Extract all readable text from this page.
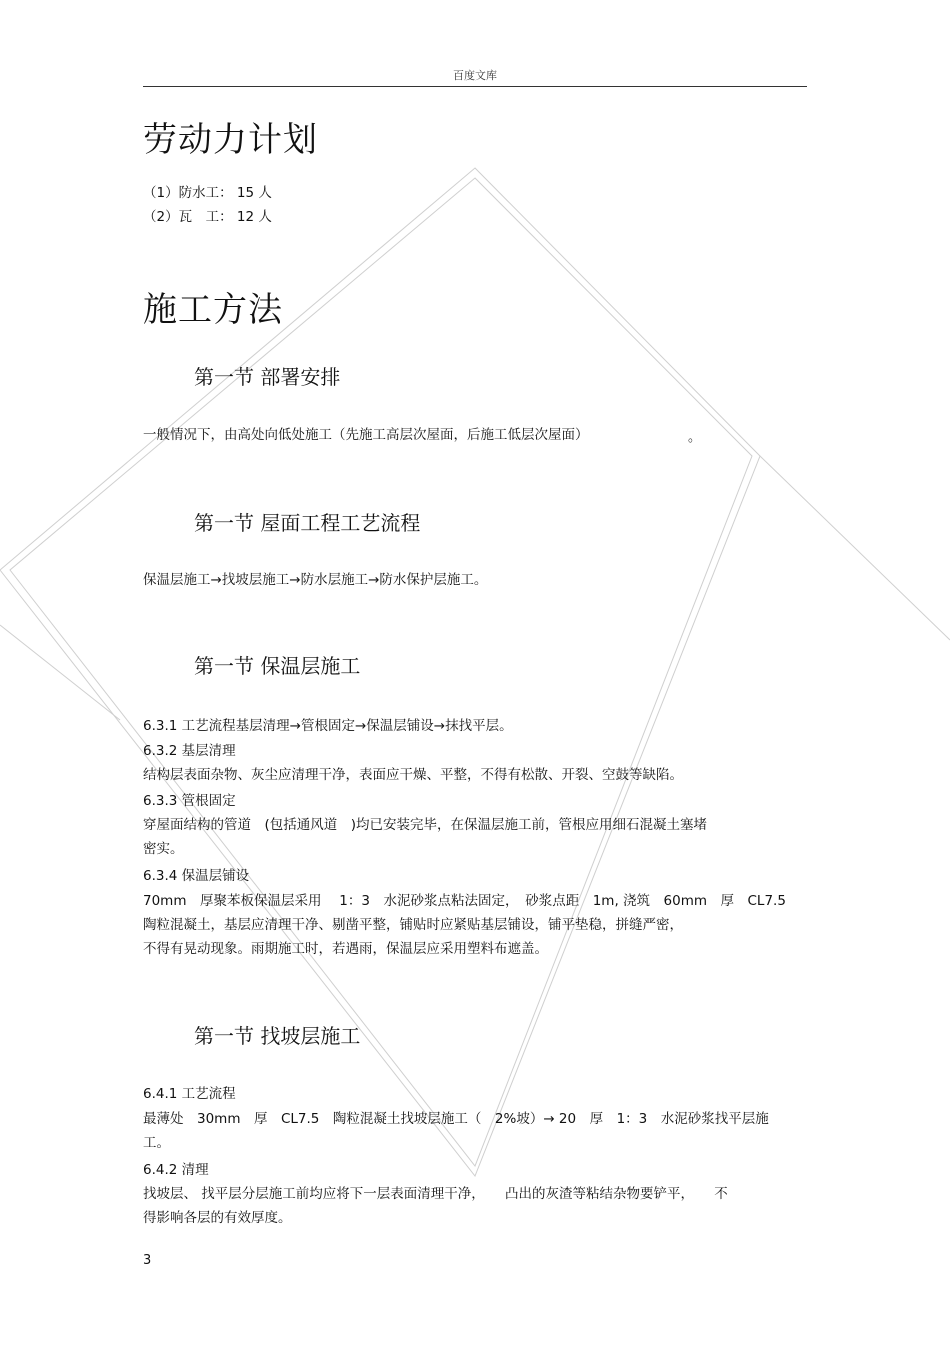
百度文库
劳动力计划
（1）防水工： 15 人
（2）瓦　工： 12 人
施工方法
第一节 部署安排
一般情况下，由高处向低处施工（先施工高层次屋面，后施工低层次屋面）	。
第一节 屋面工程工艺流程
保温层施工→找坡层施工→防水层施工→防水保护层施工。
第一节 保温层施工
6.3.1 工艺流程基层清理→管根固定→保温层铺设→抹找平层。
6.3.2 基层清理
结构层表面杂物、灰尘应清理干净，表面应干燥、平整，不得有松散、开裂、空鼓等缺陷。
6.3.3 管根固定
穿屋面结构的管道　(包括通风道　)均已安装完毕，在保温层施工前，管根应用细石混凝土塞堵
密实。
6.3.4 保温层铺设
70mm　厚聚苯板保温层采用　 1：3　水泥砂浆点粘法固定，　砂浆点距　1m, 浇筑　60mm　厚　CL7.5
陶粒混凝土，基层应清理干净、剔凿平整，铺贴时应紧贴基层铺设，铺平垫稳，拼缝严密，
不得有晃动现象。雨期施工时，若遇雨，保温层应采用塑料布遮盖。
第一节 找坡层施工
6.4.1 工艺流程
最薄处　30mm　厚　CL7.5　陶粒混凝土找坡层施工（　2%坡）→ 20　厚　1：3　水泥砂浆找平层施
工。
6.4.2 清理
找坡层、 找平层分层施工前均应将下一层表面清理干净，　　凸出的灰渣等粘结杂物要铲平，　　不
得影响各层的有效厚度。
3
